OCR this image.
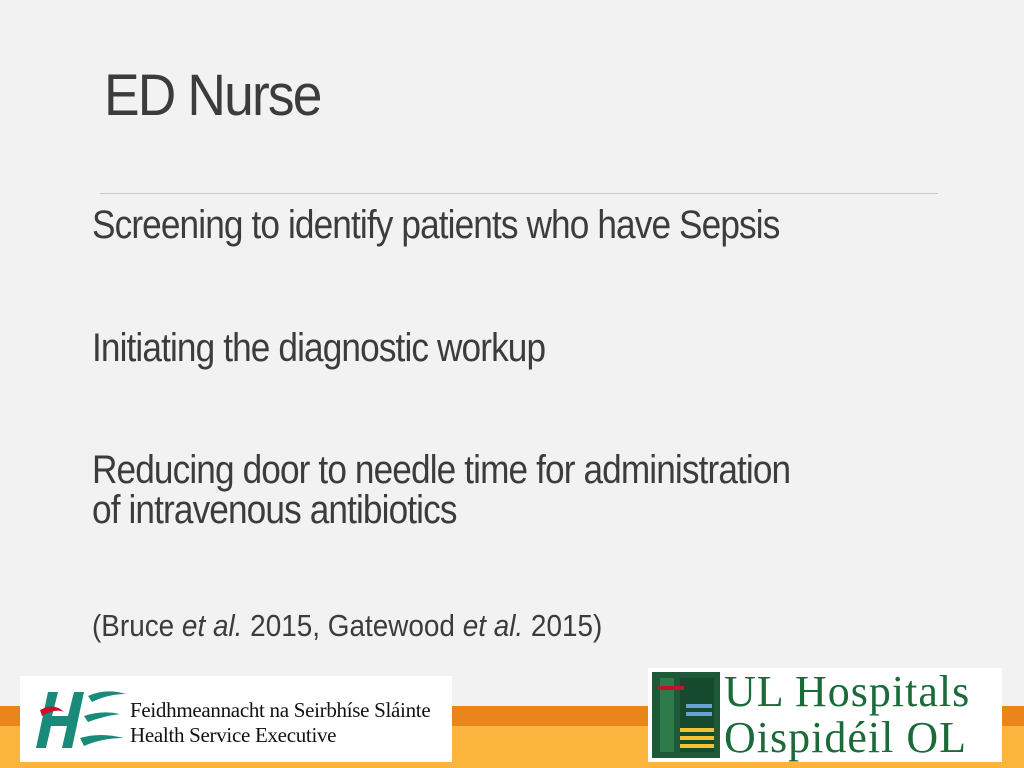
ED Nurse
Screening to identify patients who have Sepsis
Initiating the diagnostic workup
Reducing door to needle time for administration
of intravenous antibiotics
(Bruce et al. 2015, Gatewood et al. 2015)
Feidhmeannacht na Seirbhíse Sláinte
Health Service Executive
UL Hospitals
Oispidéil OL
